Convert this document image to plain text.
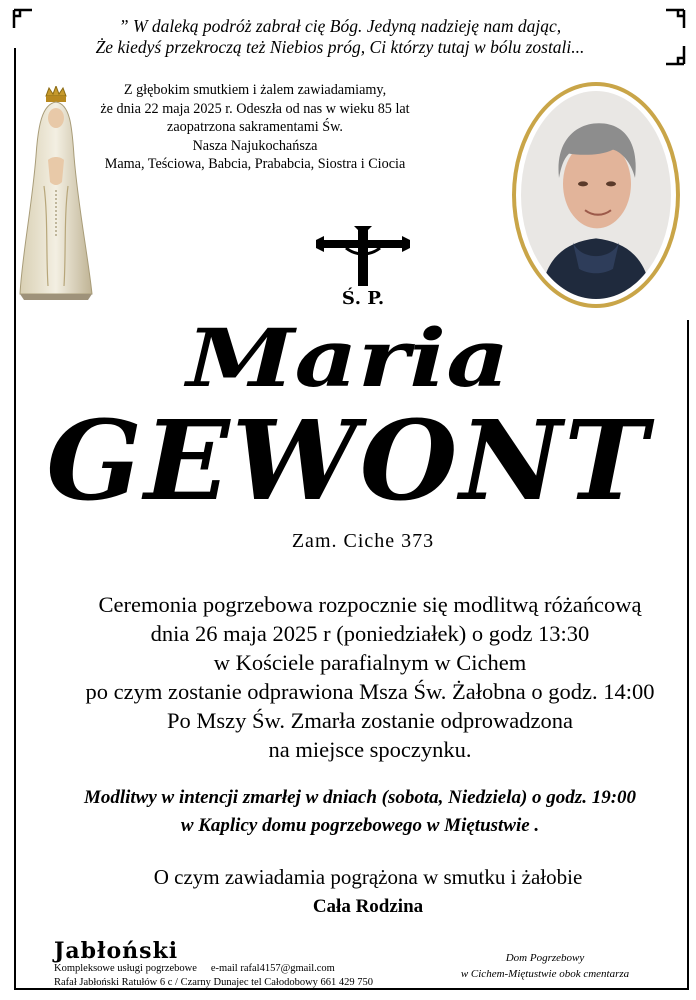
” W daleką podróż zabrał cię Bóg. Jedyną nadzieję nam dając,
Że kiedyś przekroczą też Niebios próg, Ci którzy tutaj w bólu zostali...
Z głębokim smutkiem i żalem zawiadamiamy,
że dnia 22 maja 2025 r. Odeszła od nas w wieku 85 lat
zaopatrzona sakramentami Św.
Nasza Najukochańsza
Mama, Teściowa, Babcia, Prababcia, Siostra i Ciocia
Ś. P.
Maria
GEWONT
Zam. Ciche 373
Ceremonia pogrzebowa rozpocznie się modlitwą różańcową
dnia 26 maja 2025 r (poniedziałek) o godz 13:30
w Kościele parafialnym w Cichem
po czym zostanie odprawiona Msza Św. Żałobna o godz. 14:00
Po Mszy Św. Zmarła zostanie odprowadzona
na miejsce spoczynku.
Modlitwy w intencji zmarłej w dniach (sobota, Niedziela) o godz. 19:00
w Kaplicy domu pogrzebowego w Miętustwie .
O czym zawiadamia pogrążona w smutku i żałobie
Cała Rodzina
Jabłoński
Kompleksowe usługi pogrzebowe e-mail rafal4157@gmail.com
Rafał Jabłoński Ratułów 6 c / Czarny Dunajec tel Całodobowy 661 429 750
Dom Pogrzebowy
w Cichem-Miętustwie obok cmentarza
